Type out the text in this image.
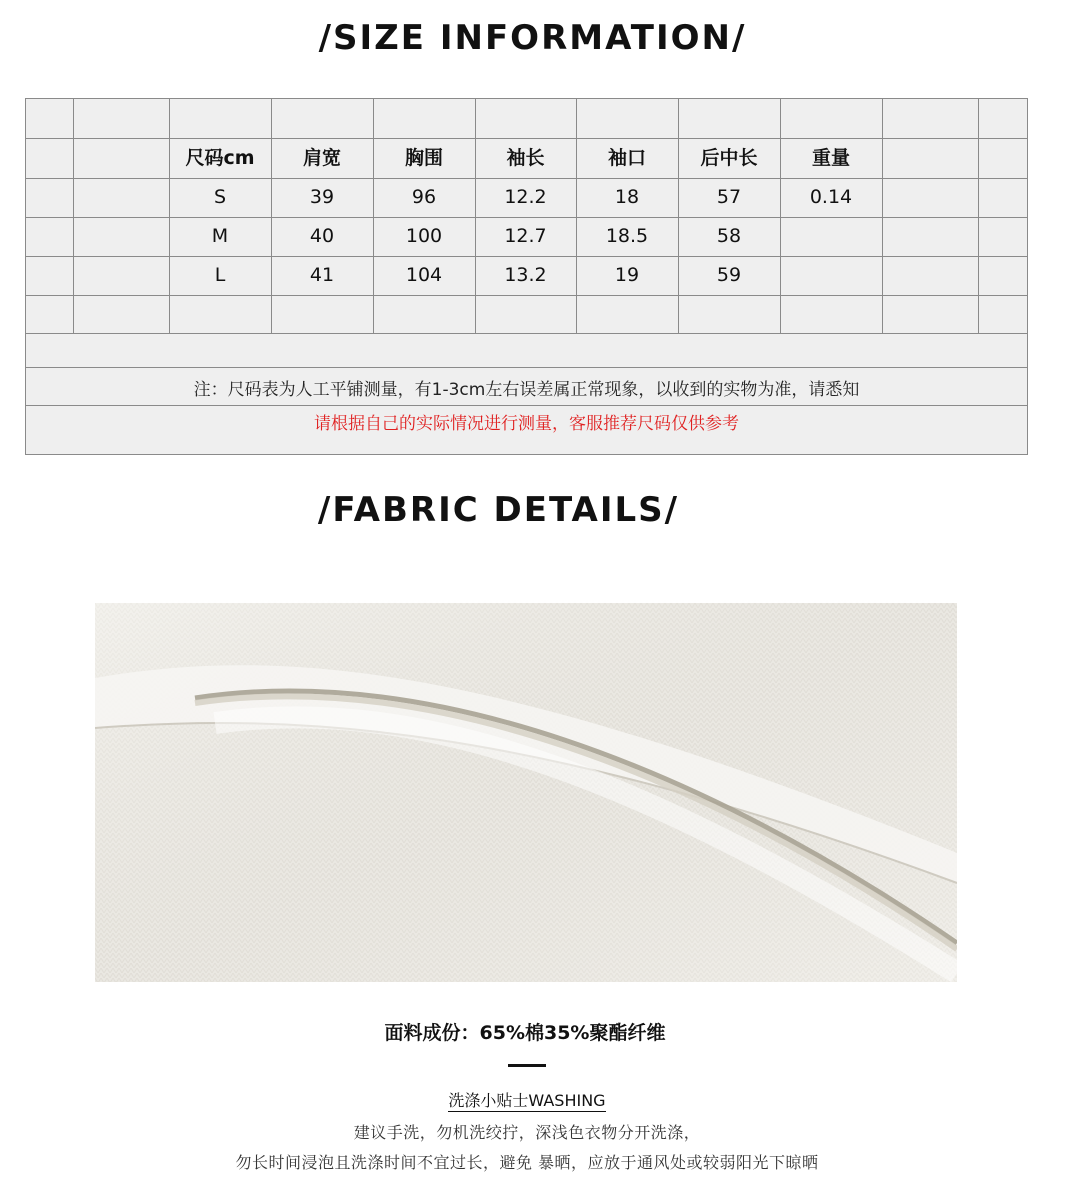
/SIZE INFORMATION/
尺码cm	肩宽	胸围	袖长	袖口	后中长	重量
S	39	96	12.2	18	57	0.14
M	40	100	12.7	18.5	58
L	41	104	13.2	19	59
注：尺码表为人工平铺测量，有1-3cm左右误差属正常现象，以收到的实物为准，请悉知
请根据自己的实际情况进行测量，客服推荐尺码仅供参考
/FABRIC DETAILS/
面料成份：65%棉35%聚酯纤维
洗涤小贴士WASHING
建议手洗，勿机洗绞拧，深浅色衣物分开洗涤，
勿长时间浸泡且洗涤时间不宜过长，避免 暴晒，应放于通风处或较弱阳光下晾晒
